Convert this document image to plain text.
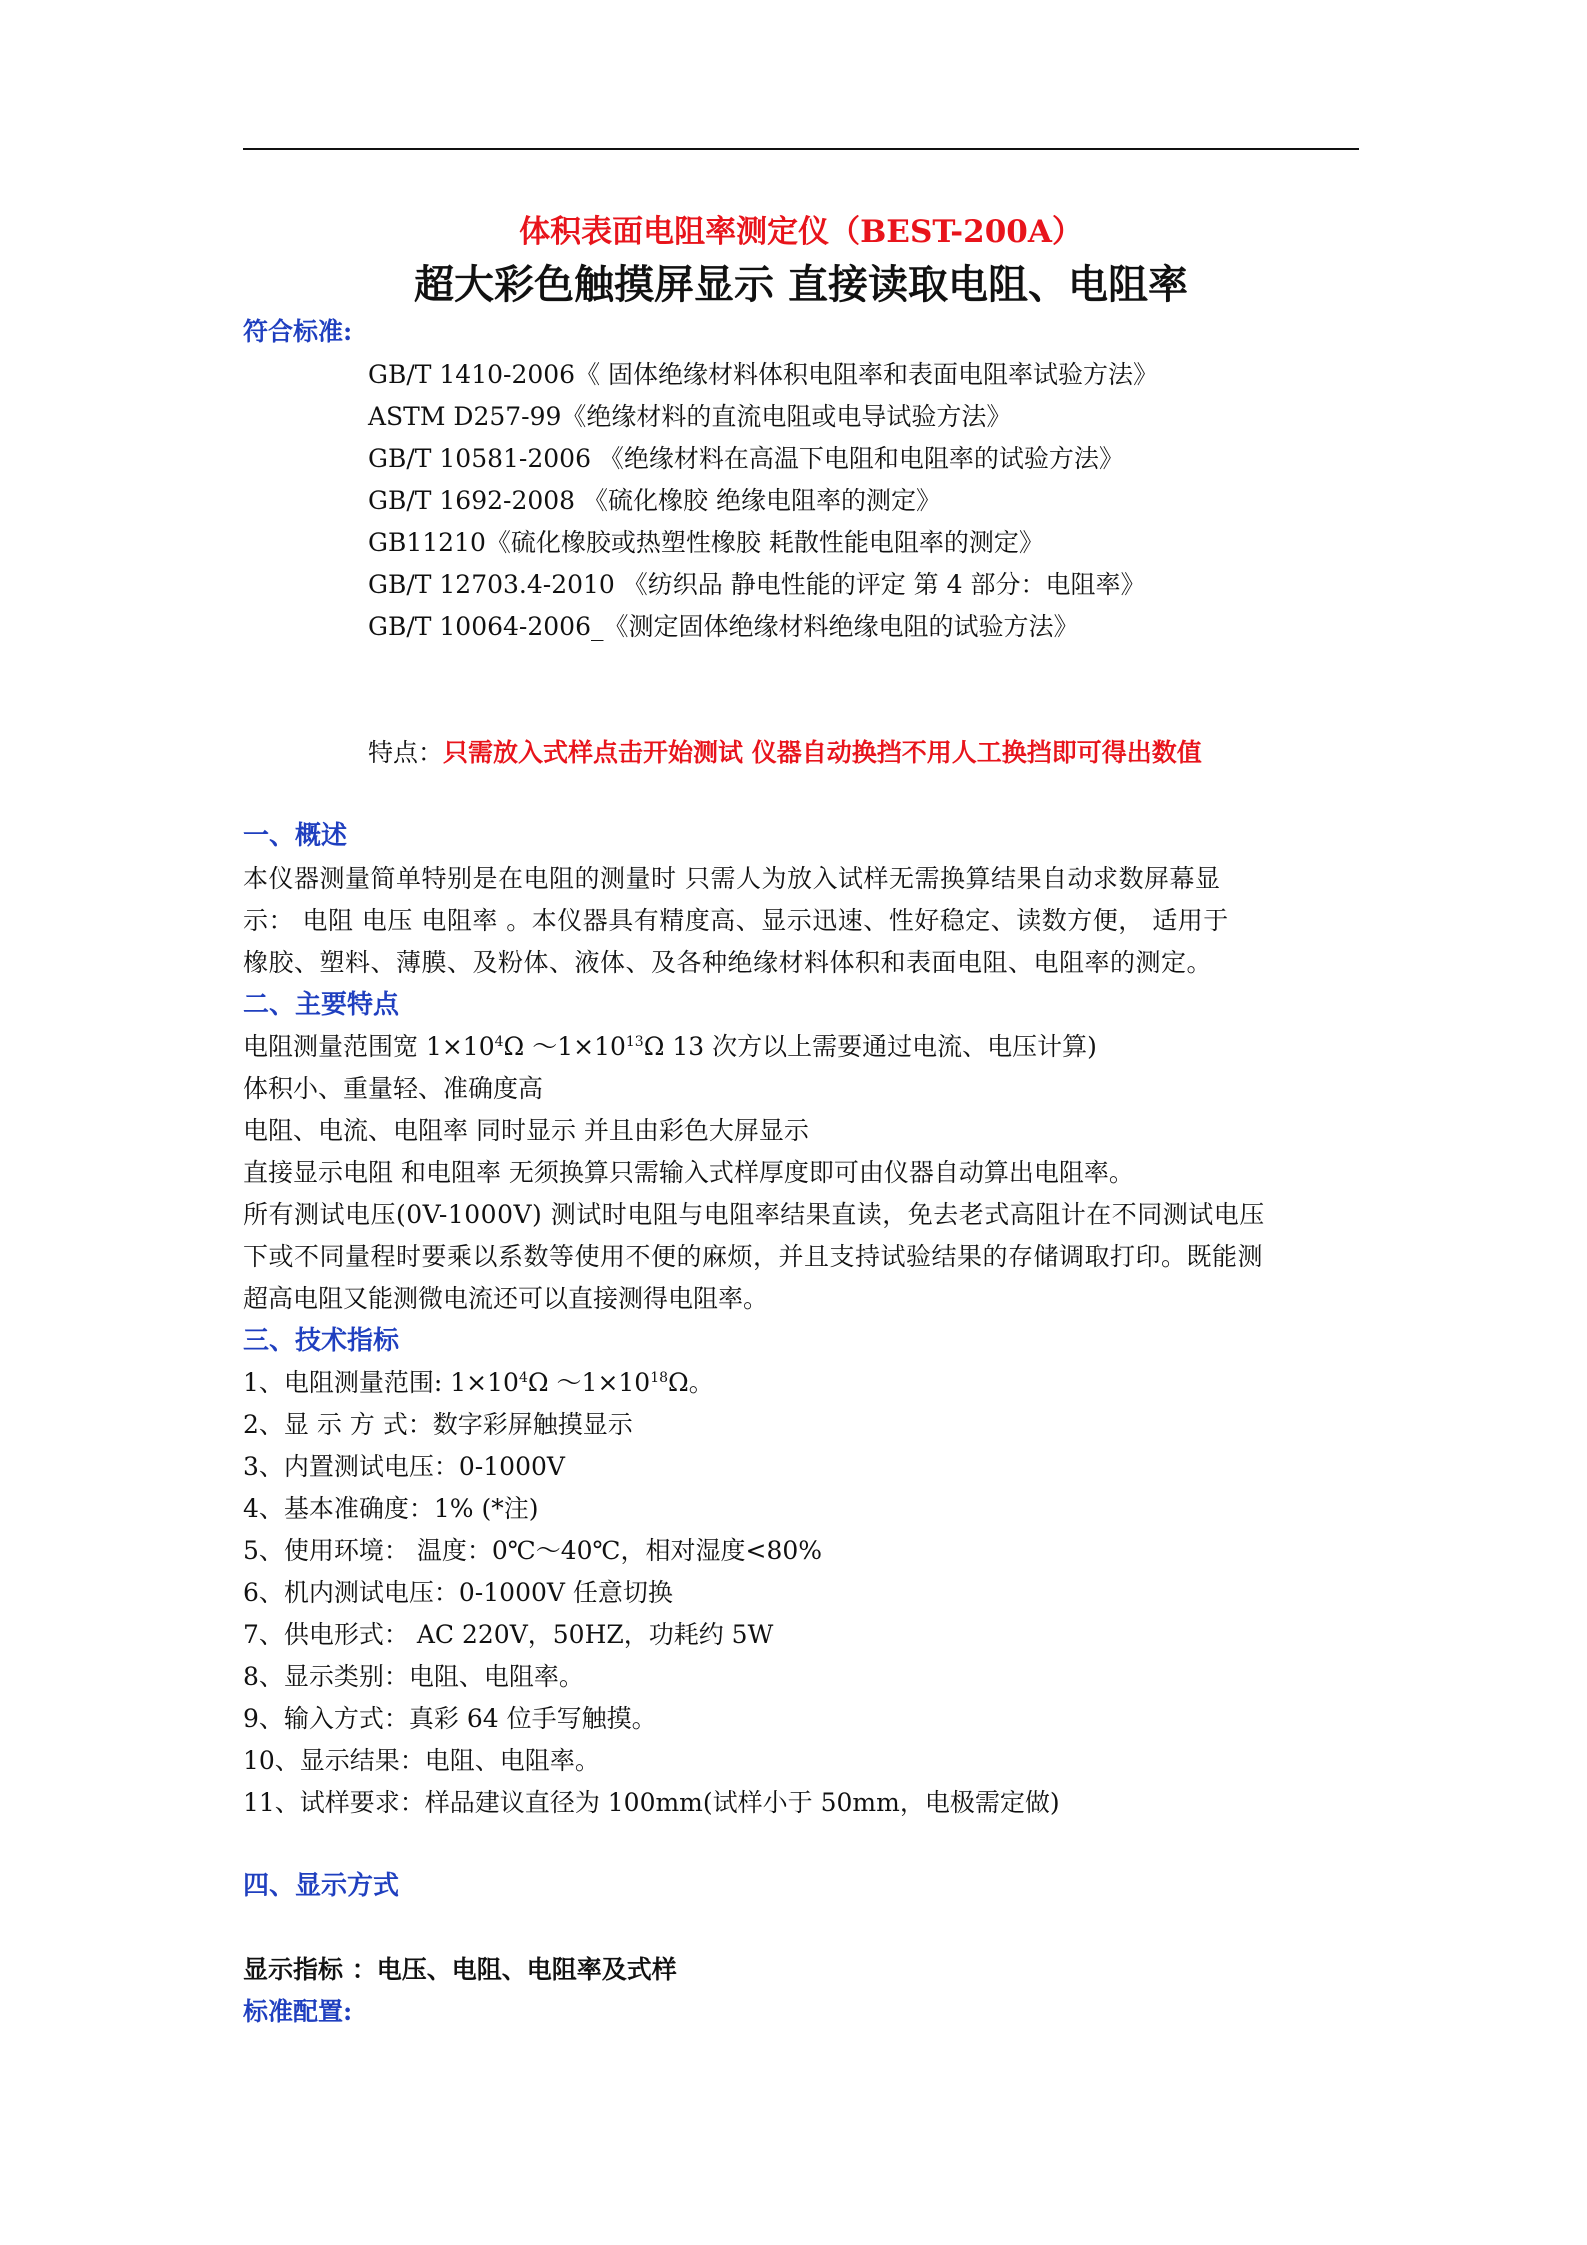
体积表面电阻率测定仪（BEST-200A）
超大彩色触摸屏显示 直接读取电阻、电阻率
符合标准:
GB/T 1410-2006《 固体绝缘材料体积电阻率和表面电阻率试验方法》
ASTM D257-99《绝缘材料的直流电阻或电导试验方法》
GB/T 10581-2006 《绝缘材料在高温下电阻和电阻率的试验方法》
GB/T 1692-2008 《硫化橡胶 绝缘电阻率的测定》
GB11210《硫化橡胶或热塑性橡胶 耗散性能电阻率的测定》
GB/T 12703.4-2010 《纺织品 静电性能的评定 第 4 部分：电阻率》
GB/T 10064-2006_《测定固体绝缘材料绝缘电阻的试验方法》
特点：只需放入式样点击开始测试 仪器自动换挡不用人工换挡即可得出数值
一、概述
本仪器测量简单特别是在电阻的测量时 只需人为放入试样无需换算结果自动求数屏幕显
示： 电阻 电压 电阻率 。本仪器具有精度高、显示迅速、性好稳定、读数方便， 适用于
橡胶、塑料、薄膜、及粉体、液体、及各种绝缘材料体积和表面电阻、电阻率的测定。
二、主要特点
电阻测量范围宽 $1\times 10^4\Omega$ $\sim 1\times 10^{13}\Omega$ 13 次方以上需要通过电流、电压计算)
体积小、重量轻、准确度高
电阻、电流、电阻率 同时显示 并且由彩色大屏显示
直接显示电阻 和电阻率 无须换算只需输入式样厚度即可由仪器自动算出电阻率。
所有测试电压(0V-1000V) 测试时电阻与电阻率结果直读，免去老式高阻计在不同测试电压
下或不同量程时要乘以系数等使用不便的麻烦，并且支持试验结果的存储调取打印。既能测
超高电阻又能测微电流还可以直接测得电阻率。
三、技术指标
1、电阻测量范围: $1\times 10^4\Omega$ $\sim 1\times 10^{18}\Omega$。
2、显 示 方 式：数字彩屏触摸显示
3、内置测试电压：0-1000V
4、基本准确度：1% (*注)
5、使用环境： 温度：0℃～40℃，相对湿度<80%
6、机内测试电压：0-1000V 任意切换
7、供电形式： AC 220V，50HZ，功耗约 5W
8、显示类别：电阻、电阻率。
9、输入方式：真彩 64 位手写触摸。
10、显示结果：电阻、电阻率。
11、试样要求：样品建议直径为 100mm(试样小于 50mm，电极需定做)
四、显示方式
显示指标 ：电压、电阻、电阻率及式样
标准配置:
